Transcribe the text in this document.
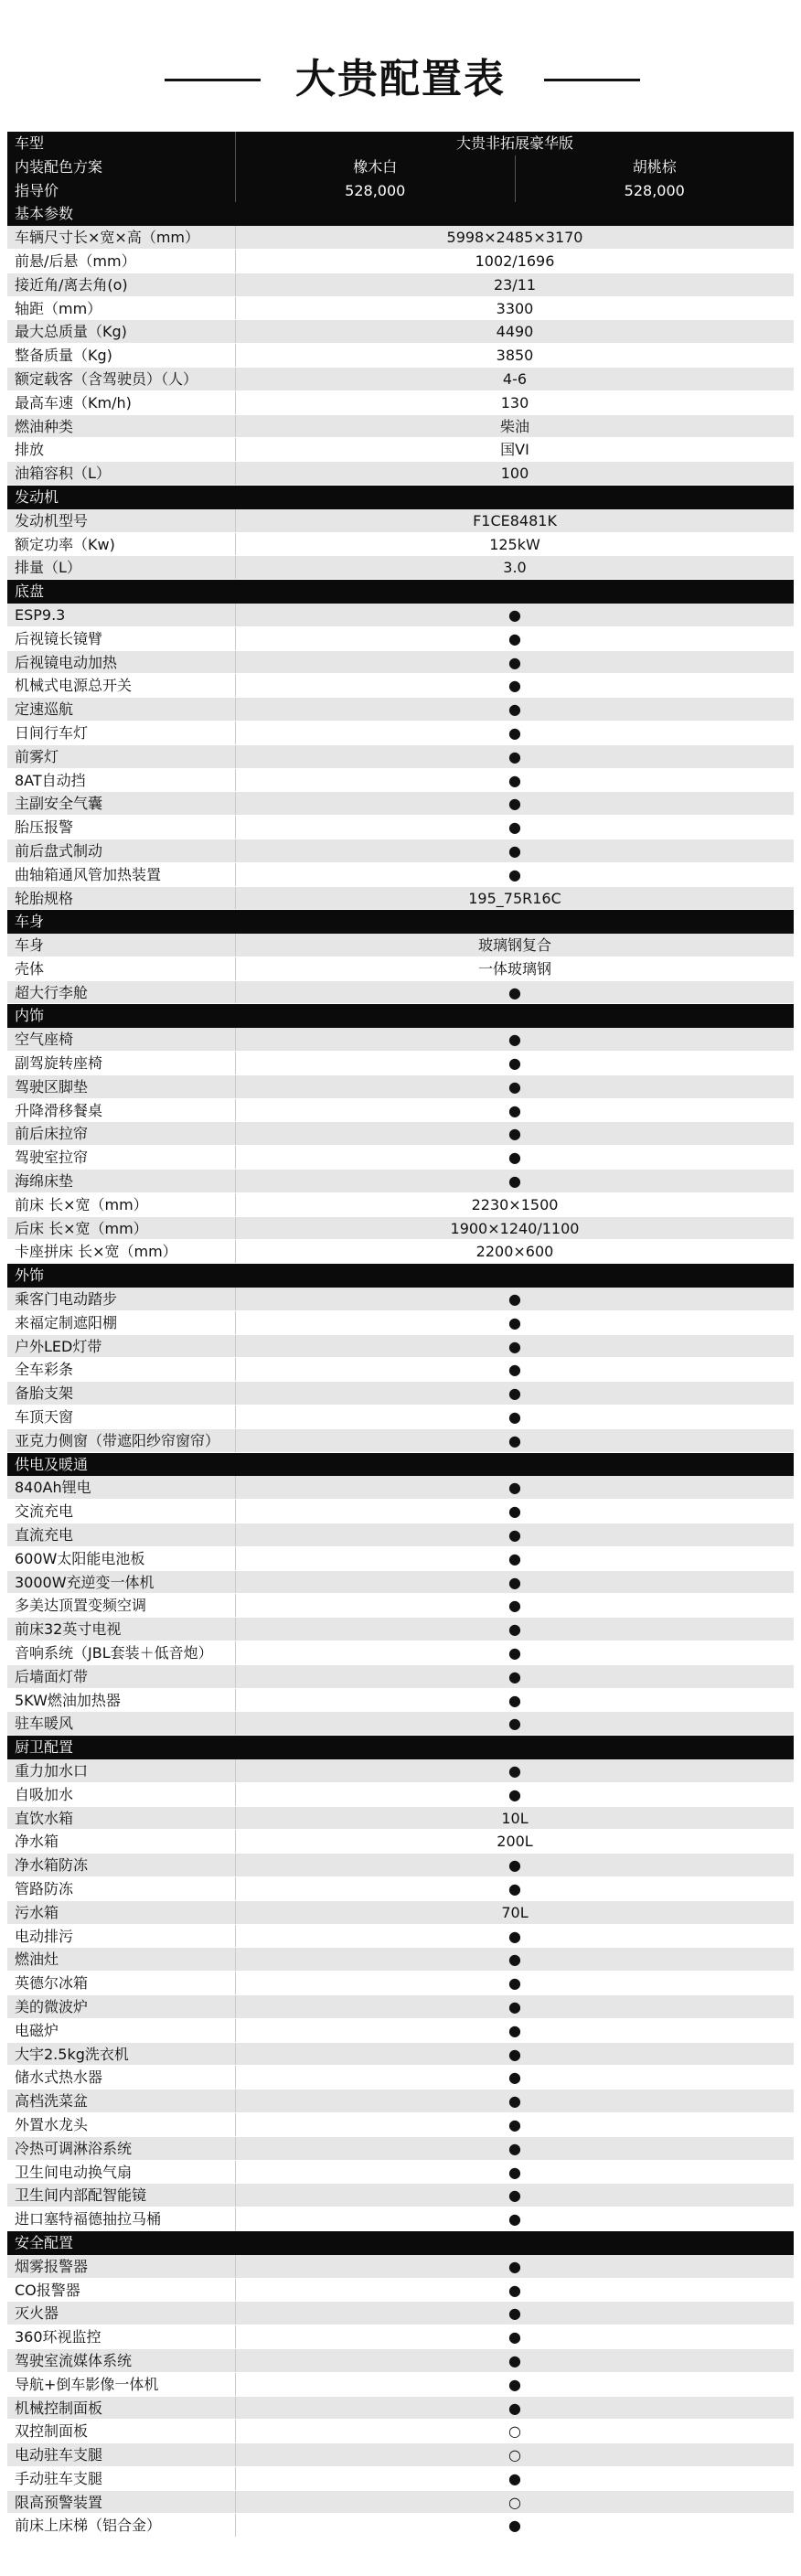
大贵配置表
车型	大贵非拓展豪华版
内装配色方案	橡木白	胡桃棕
指导价	528,000	528,000
基本参数
车辆尺寸长×宽×高（mm）	5998×2485×3170
前悬/后悬（mm）	1002/1696
接近角/离去角(o)	23/11
轴距（mm）	3300
最大总质量（Kg)	4490
整备质量（Kg)	3850
额定载客（含驾驶员）（人）	4-6
最高车速（Km/h)	130
燃油种类	柴油
排放	国VI
油箱容积（L）	100
发动机
发动机型号	F1CE8481K
额定功率（Kw)	125kW
排量（L）	3.0
底盘
ESP9.3	●
后视镜长镜臂	●
后视镜电动加热	●
机械式电源总开关	●
定速巡航	●
日间行车灯	●
前雾灯	●
8AT自动挡	●
主副安全气囊	●
胎压报警	●
前后盘式制动	●
曲轴箱通风管加热装置	●
轮胎规格	195_75R16C
车身
车身	玻璃钢复合
壳体	一体玻璃钢
超大行李舱	●
内饰
空气座椅	●
副驾旋转座椅	●
驾驶区脚垫	●
升降滑移餐桌	●
前后床拉帘	●
驾驶室拉帘	●
海绵床垫	●
前床 长×宽（mm）	2230×1500
后床 长×宽（mm）	1900×1240/1100
卡座拼床 长×宽（mm）	2200×600
外饰
乘客门电动踏步	●
来福定制遮阳棚	●
户外LED灯带	●
全车彩条	●
备胎支架	●
车顶天窗	●
亚克力侧窗（带遮阳纱帘窗帘）	●
供电及暖通
840Ah锂电	●
交流充电	●
直流充电	●
600W太阳能电池板	●
3000W充逆变一体机	●
多美达顶置变频空调	●
前床32英寸电视	●
音响系统（JBL套装＋低音炮）	●
后墙面灯带	●
5KW燃油加热器	●
驻车暖风	●
厨卫配置
重力加水口	●
自吸加水	●
直饮水箱	10L
净水箱	200L
净水箱防冻	●
管路防冻	●
污水箱	70L
电动排污	●
燃油灶	●
英德尔冰箱	●
美的微波炉	●
电磁炉	●
大宇2.5kg洗衣机	●
储水式热水器	●
高档洗菜盆	●
外置水龙头	●
冷热可调淋浴系统	●
卫生间电动换气扇	●
卫生间内部配智能镜	●
进口塞特福德抽拉马桶	●
安全配置
烟雾报警器	●
CO报警器	●
灭火器	●
360环视监控	●
驾驶室流媒体系统	●
导航+倒车影像一体机	●
机械控制面板	●
双控制面板	○
电动驻车支腿	○
手动驻车支腿	●
限高预警装置	○
前床上床梯（铝合金）	●
